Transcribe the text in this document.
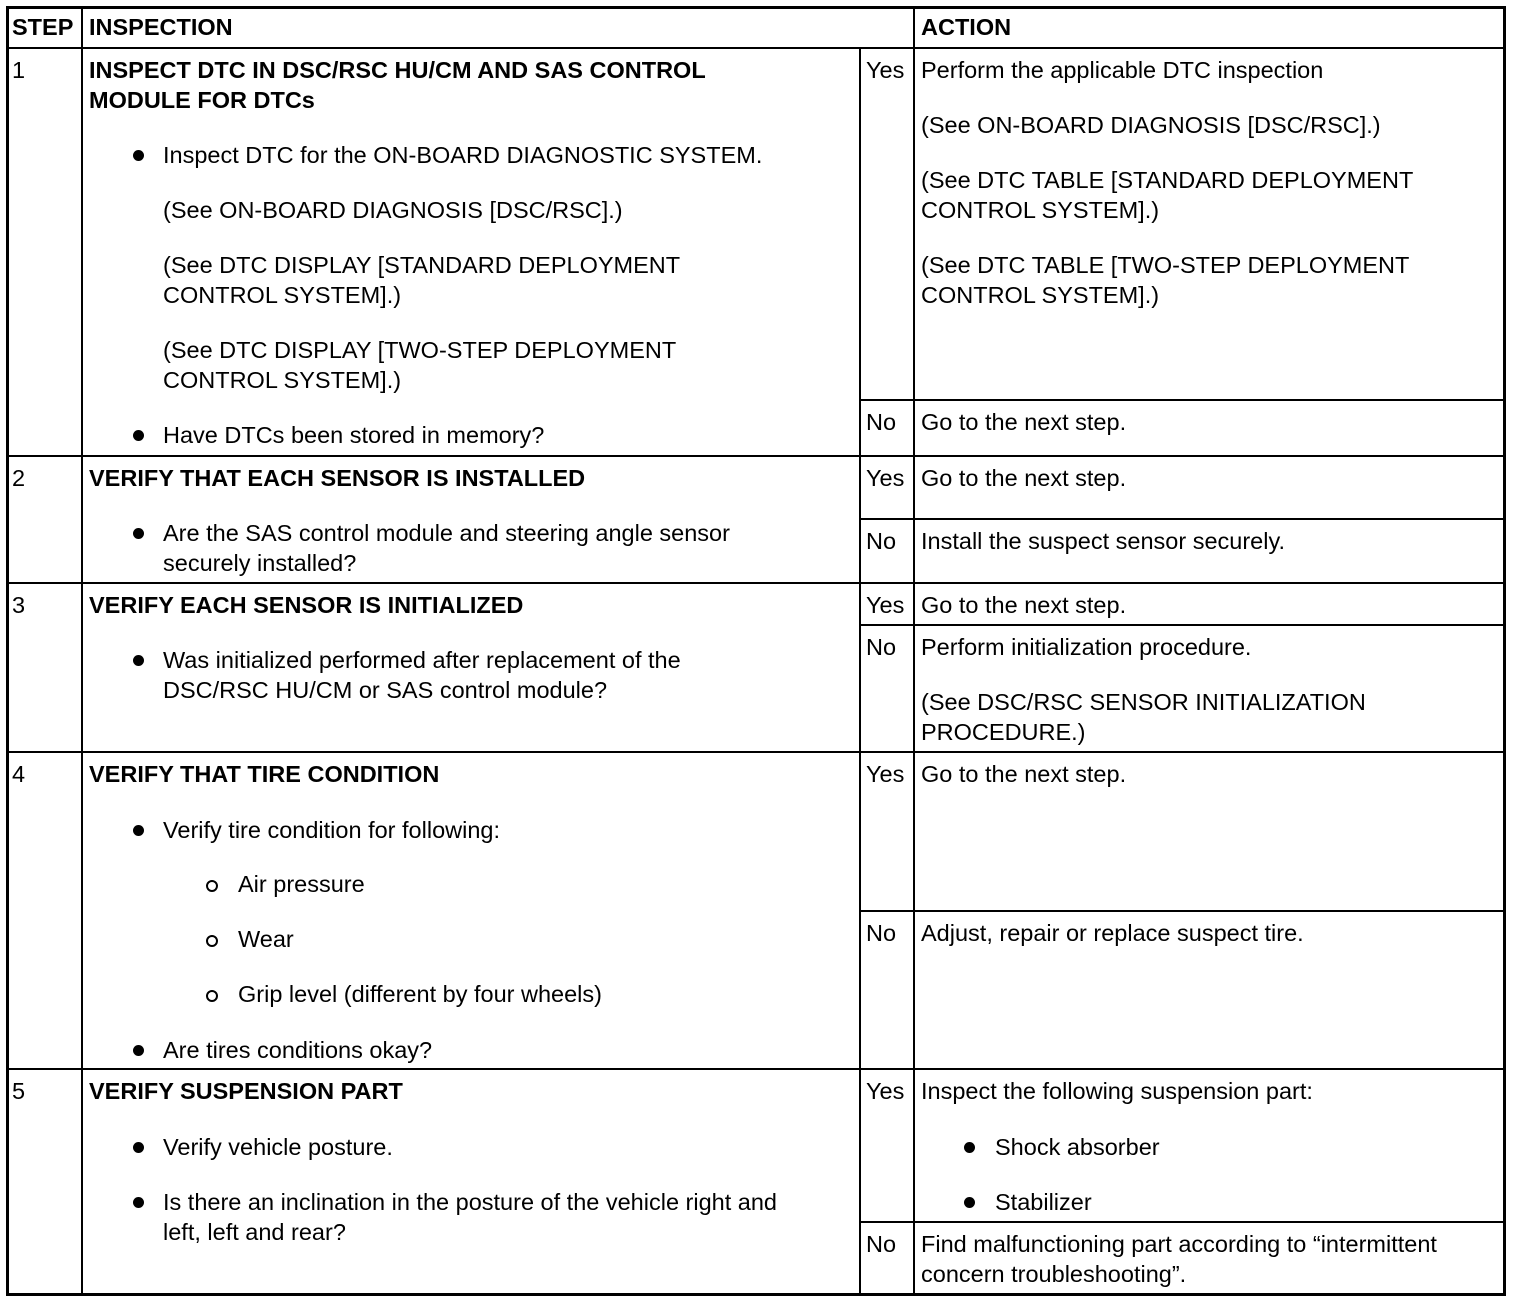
STEP INSPECTION	ACTION
1	INSPECT DTC IN DSC/RSC HU/CM AND SAS CONTROL
MODULE FOR DTCs
Inspect DTC for the ON-BOARD DIAGNOSTIC SYSTEM.
(See ON-BOARD DIAGNOSIS [DSC/RSC].)
(See DTC DISPLAY [STANDARD DEPLOYMENT
CONTROL SYSTEM].)
(See DTC DISPLAY [TWO-STEP DEPLOYMENT
CONTROL SYSTEM].)
Have DTCs been stored in memory?
Yes Perform the applicable DTC inspection
(See ON-BOARD DIAGNOSIS [DSC/RSC].)
(See DTC TABLE [STANDARD DEPLOYMENT
CONTROL SYSTEM].)
(See DTC TABLE [TWO-STEP DEPLOYMENT
CONTROL SYSTEM].)
No Go to the next step.
2	VERIFY THAT EACH SENSOR IS INSTALLED
Are the SAS control module and steering angle sensor
securely installed?
Yes Go to the next step.
No Install the suspect sensor securely.
3	VERIFY EACH SENSOR IS INITIALIZED
Was initialized performed after replacement of the
DSC/RSC HU/CM or SAS control module?
Yes Go to the next step.
No Perform initialization procedure.
(See DSC/RSC SENSOR INITIALIZATION
PROCEDURE.)
4	VERIFY THAT TIRE CONDITION
Verify tire condition for following:
Air pressure
Wear
Grip level (different by four wheels)
Are tires conditions okay?
Yes Go to the next step.
No Adjust, repair or replace suspect tire.
5	VERIFY SUSPENSION PART
Verify vehicle posture.
Is there an inclination in the posture of the vehicle right and
left, left and rear?
Yes Inspect the following suspension part:
Shock absorber
Stabilizer
No Find malfunctioning part according to “intermittent
concern troubleshooting”.
